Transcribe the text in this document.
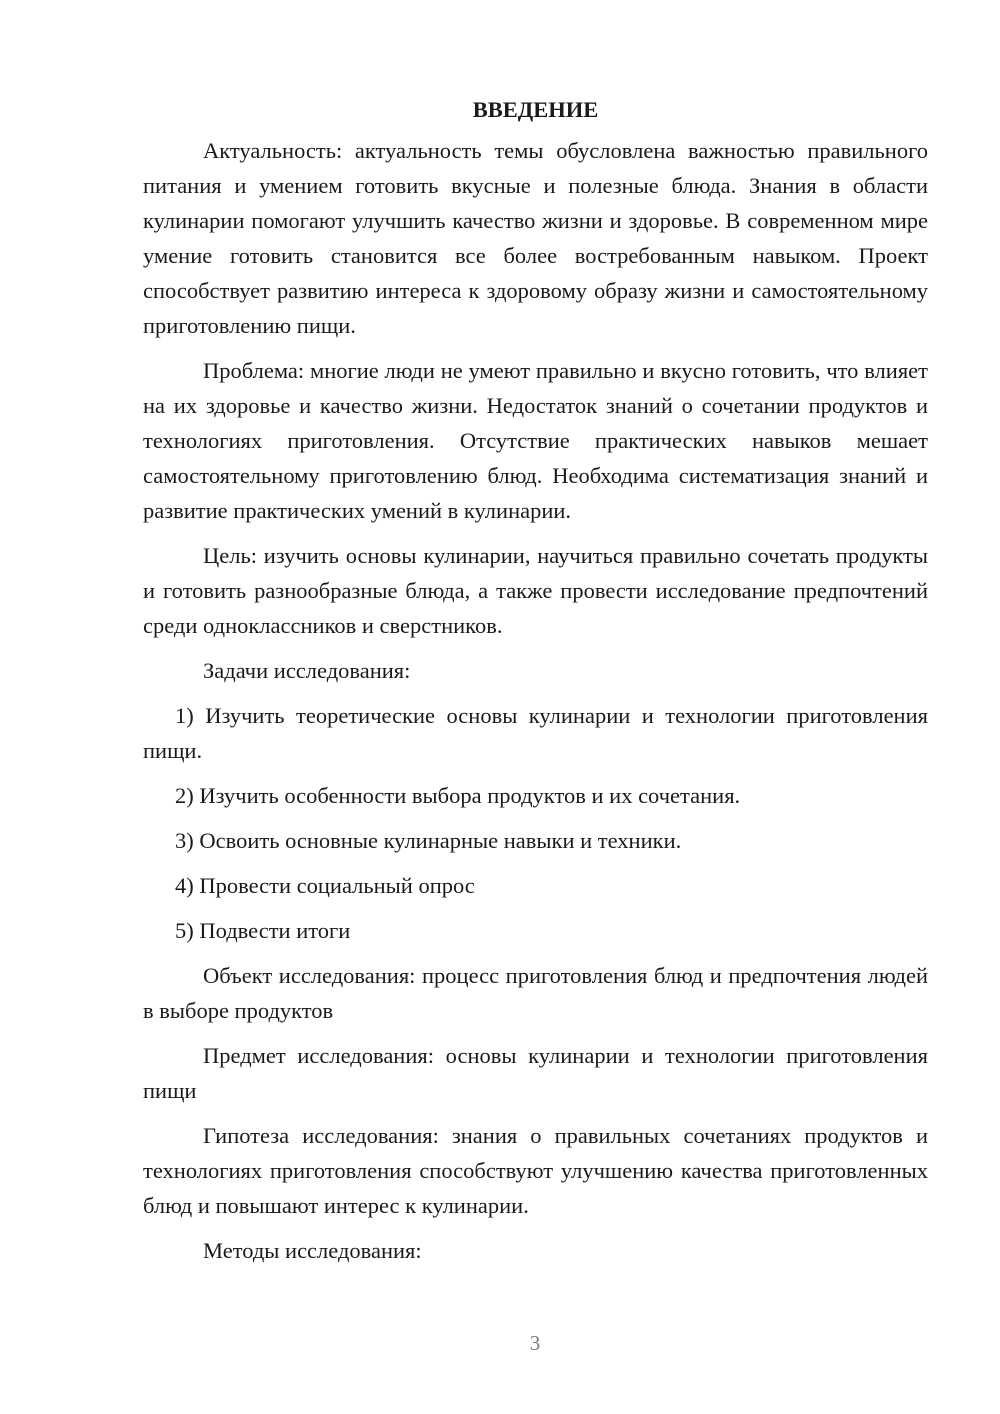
ВВЕДЕНИЕ

Актуальность: актуальность темы обусловлена важностью правильного питания и умением готовить вкусные и полезные блюда. Знания в области кулинарии помогают улучшить качество жизни и здоровье. В современном мире умение готовить становится все более востребованным навыком. Проект способствует развитию интереса к здоровому образу жизни и самостоятельному приготовлению пищи.

Проблема: многие люди не умеют правильно и вкусно готовить, что влияет на их здоровье и качество жизни. Недостаток знаний о сочетании продуктов и технологиях приготовления. Отсутствие практических навыков мешает самостоятельному приготовлению блюд. Необходима систематизация знаний и развитие практических умений в кулинарии.

Цель: изучить основы кулинарии, научиться правильно сочетать продукты и готовить разнообразные блюда, а также провести исследование предпочтений среди одноклассников и сверстников.

Задачи исследования:

1) Изучить теоретические основы кулинарии и технологии приготовления пищи.

2) Изучить особенности выбора продуктов и их сочетания.

3) Освоить основные кулинарные навыки и техники.

4) Провести социальный опрос

5) Подвести итоги

Объект исследования: процесс приготовления блюд и предпочтения людей в выборе продуктов

Предмет исследования: основы кулинарии и технологии приготовления пищи

Гипотеза исследования: знания о правильных сочетаниях продуктов и технологиях приготовления способствуют улучшению качества приготовленных блюд и повышают интерес к кулинарии.

Методы исследования:

3
